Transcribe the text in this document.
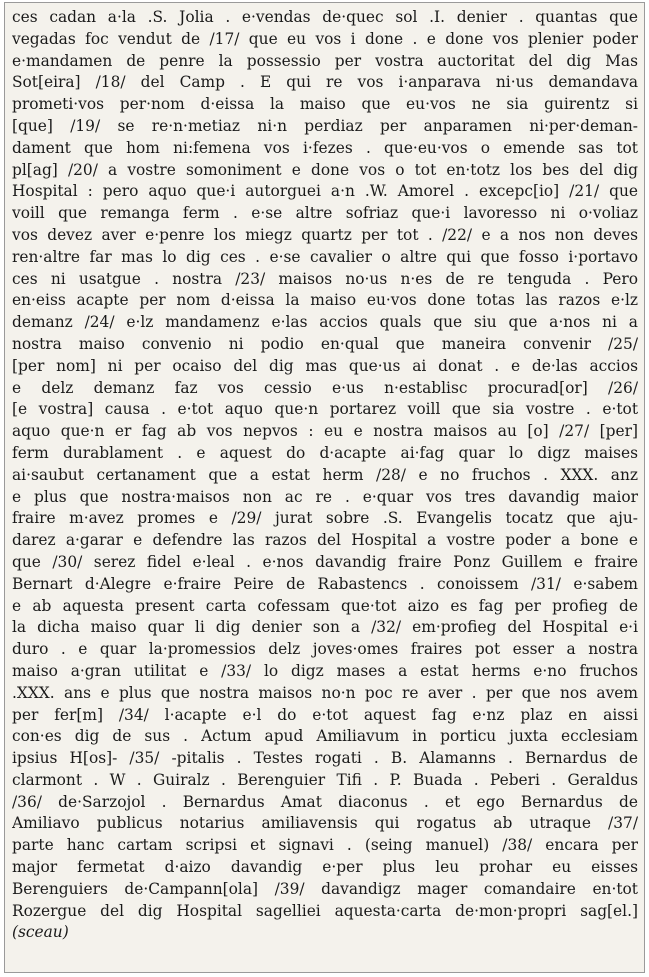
ces cadan a·la .S. Jolia . e·vendas de·quec sol .I. denier . quantas que
vegadas foc vendut de /17/ que eu vos i done . e done vos plenier poder
e·mandamen de penre la possessio per vostra auctoritat del dig Mas
Sot[eira] /18/ del Camp . E qui re vos i·anparava ni·us demandava
prometi·vos per·nom d·eissa la maiso que eu·vos ne sia guirentz si
[que] /19/ se re·n·metiaz ni·n perdiaz per anparamen ni·per·deman-
dament que hom ni:femena vos i·fezes . que·eu·vos o emende sas tot
pl[ag] /20/ a vostre somoniment e done vos o tot en·totz los bes del dig
Hospital : pero aquo que·i autorguei a·n .W. Amorel . excepc[io] /21/ que
voill que remanga ferm . e·se altre sofriaz que·i lavoresso ni o·voliaz
vos devez aver e·penre los miegz quartz per tot . /22/ e a nos non deves
ren·altre far mas lo dig ces . e·se cavalier o altre qui que fosso i·portavo
ces ni usatgue . nostra /23/ maisos no·us n·es de re tenguda . Pero
en·eiss acapte per nom d·eissa la maiso eu·vos done totas las razos e·lz
demanz /24/ e·lz mandamenz e·las accios quals que siu que a·nos ni a
nostra maiso convenio ni podio en·qual que maneira convenir /25/
[per nom] ni per ocaiso del dig mas que·us ai donat . e de·las accios
e delz demanz faz vos cessio e·us n·establisc procurad[or] /26/
[e vostra] causa . e·tot aquo que·n portarez voill que sia vostre . e·tot
aquo que·n er fag ab vos nepvos : eu e nostra maisos au [o] /27/ [per]
ferm durablament . e aquest do d·acapte ai·fag quar lo digz maises
ai·saubut certanament que a estat herm /28/ e no fruchos . XXX. anz
e plus que nostra·maisos non ac re . e·quar vos tres davandig maior
fraire m·avez promes e /29/ jurat sobre .S. Evangelis tocatz que aju-
darez a·garar e defendre las razos del Hospital a vostre poder a bone e
que /30/ serez fidel e·leal . e·nos davandig fraire Ponz Guillem e fraire
Bernart d·Alegre e·fraire Peire de Rabastencs . conoissem /31/ e·sabem
e ab aquesta present carta cofessam que·tot aizo es fag per profieg de
la dicha maiso quar li dig denier son a /32/ em·profieg del Hospital e·i
duro . e quar la·promessios delz joves·omes fraires pot esser a nostra
maiso a·gran utilitat e /33/ lo digz mases a estat herms e·no fruchos
.XXX. ans e plus que nostra maisos no·n poc re aver . per que nos avem
per fer[m] /34/ l·acapte e·l do e·tot aquest fag e·nz plaz en aissi
con·es dig de sus . Actum apud Amiliavum in porticu juxta ecclesiam
ipsius H[os]- /35/ -pitalis . Testes rogati . B. Alamanns . Bernardus de
clarmont . W . Guiralz . Berenguier Tifi . P. Buada . Peberi . Geraldus
/36/ de·Sarzojol . Bernardus Amat diaconus . et ego Bernardus de
Amiliavo publicus notarius amiliavensis qui rogatus ab utraque /37/
parte hanc cartam scripsi et signavi . (seing manuel) /38/ encara per
major fermetat d·aizo davandig e·per plus leu prohar eu eisses
Berenguiers de·Campann[ola] /39/ davandigz mager comandaire en·tot
Rozergue del dig Hospital sagelliei aquesta·carta de·mon·propri sag[el.]
(sceau)
